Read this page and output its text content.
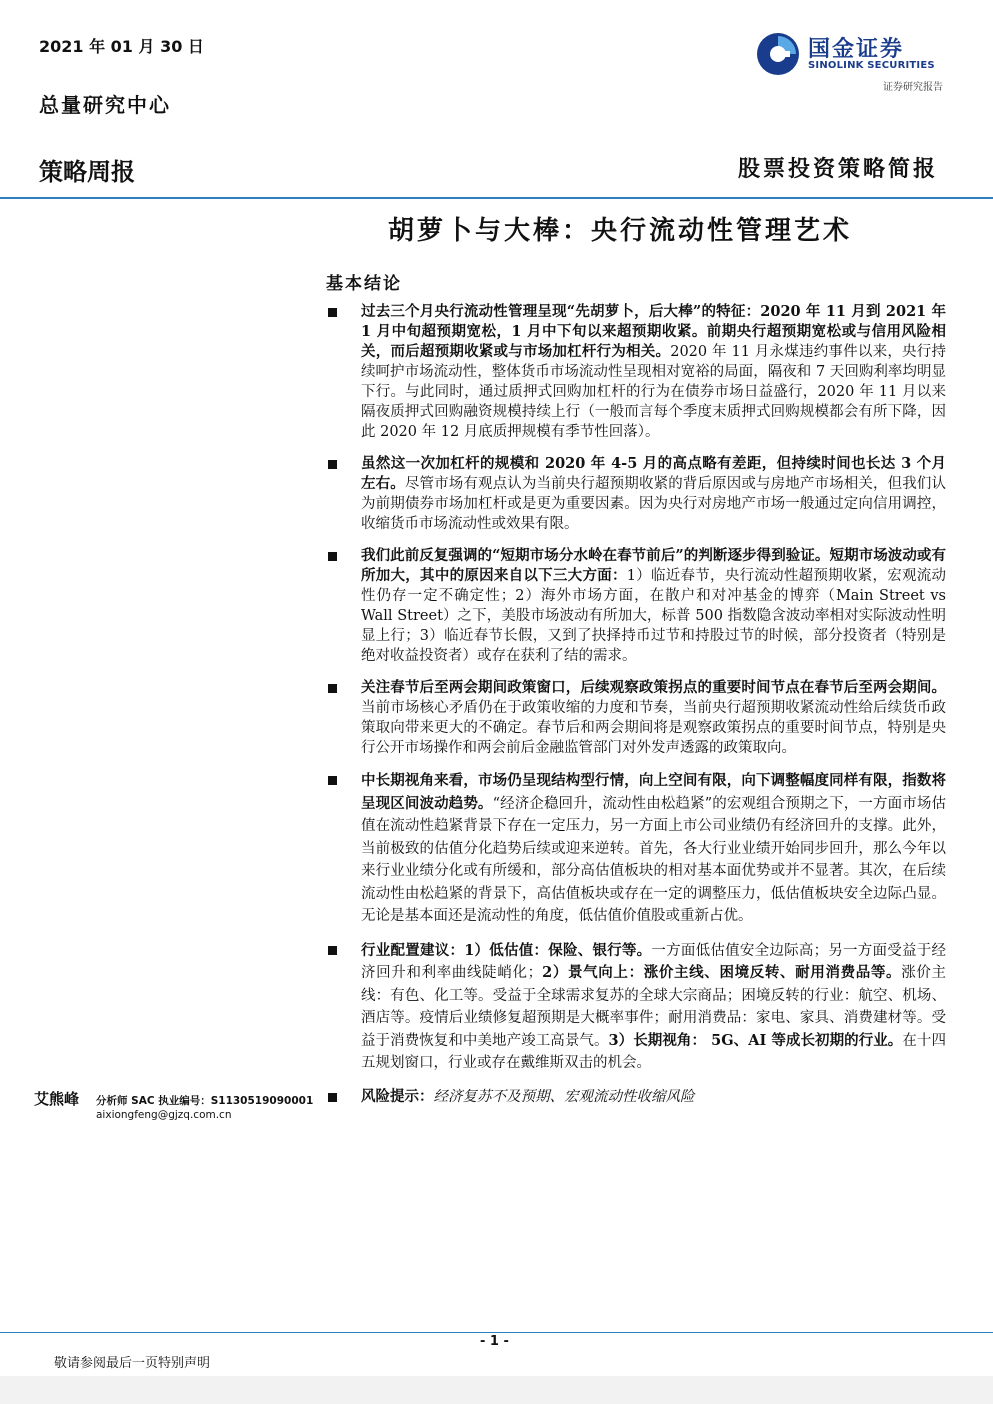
2021 年 01 月 30 日
总量研究中心
国金证券
SINOLINK SECURITIES
证券研究报告
策略周报	股票投资策略简报
胡萝卜与大棒：央行流动性管理艺术
基本结论
过去三个月央行流动性管理呈现“先胡萝卜，后大棒”的特征：2020 年 11 月到 2021 年 1 月中旬超预期宽松，1 月中下旬以来超预期收紧。前期央行超预期宽松或与信用风险相关，而后超预期收紧或与市场加杠杆行为相关。2020 年 11 月永煤违约事件以来，央行持续呵护市场流动性，整体货币市场流动性呈现相对宽裕的局面，隔夜和 7 天回购利率均明显下行。与此同时，通过质押式回购加杠杆的行为在债券市场日益盛行，2020 年 11 月以来隔夜质押式回购融资规模持续上行（一般而言每个季度末质押式回购规模都会有所下降，因此 2020 年 12 月底质押规模有季节性回落）。
虽然这一次加杠杆的规模和 2020 年 4-5 月的高点略有差距，但持续时间也长达 3 个月左右。尽管市场有观点认为当前央行超预期收紧的背后原因或与房地产市场相关，但我们认为前期债券市场加杠杆或是更为重要因素。因为央行对房地产市场一般通过定向信用调控，收缩货币市场流动性或效果有限。
我们此前反复强调的“短期市场分水岭在春节前后”的判断逐步得到验证。短期市场波动或有所加大，其中的原因来自以下三大方面：1）临近春节，央行流动性超预期收紧，宏观流动性仍存一定不确定性；2）海外市场方面，在散户和对冲基金的博弈（Main Street vs Wall Street）之下，美股市场波动有所加大，标普 500 指数隐含波动率相对实际波动性明显上行；3）临近春节长假，又到了抉择持币过节和持股过节的时候，部分投资者（特别是绝对收益投资者）或存在获利了结的需求。
关注春节后至两会期间政策窗口，后续观察政策拐点的重要时间节点在春节后至两会期间。当前市场核心矛盾仍在于政策收缩的力度和节奏，当前央行超预期收紧流动性给后续货币政策取向带来更大的不确定。春节后和两会期间将是观察政策拐点的重要时间节点，特别是央行公开市场操作和两会前后金融监管部门对外发声透露的政策取向。
中长期视角来看，市场仍呈现结构型行情，向上空间有限，向下调整幅度同样有限，指数将呈现区间波动趋势。“经济企稳回升，流动性由松趋紧”的宏观组合预期之下，一方面市场估值在流动性趋紧背景下存在一定压力，另一方面上市公司业绩仍有经济回升的支撑。此外，当前极致的估值分化趋势后续或迎来逆转。首先，各大行业业绩开始同步回升，那么今年以来行业业绩分化或有所缓和，部分高估值板块的相对基本面优势或并不显著。其次，在后续流动性由松趋紧的背景下，高估值板块或存在一定的调整压力，低估值板块安全边际凸显。无论是基本面还是流动性的角度，低估值价值股或重新占优。
行业配置建议：1）低估值：保险、银行等。一方面低估值安全边际高；另一方面受益于经济回升和利率曲线陡峭化；2）景气向上：涨价主线、困境反转、耐用消费品等。涨价主线：有色、化工等。受益于全球需求复苏的全球大宗商品；困境反转的行业：航空、机场、酒店等。疫情后业绩修复超预期是大概率事件；耐用消费品：家电、家具、消费建材等。受益于消费恢复和中美地产竣工高景气。3）长期视角： 5G、AI 等成长初期的行业。在十四五规划窗口，行业或存在戴维斯双击的机会。
风险提示：经济复苏不及预期、宏观流动性收缩风险
艾熊峰 分析师 SAC 执业编号：S1130519090001
aixiongfeng@gjzq.com.cn
- 1 -
敬请参阅最后一页特别声明
